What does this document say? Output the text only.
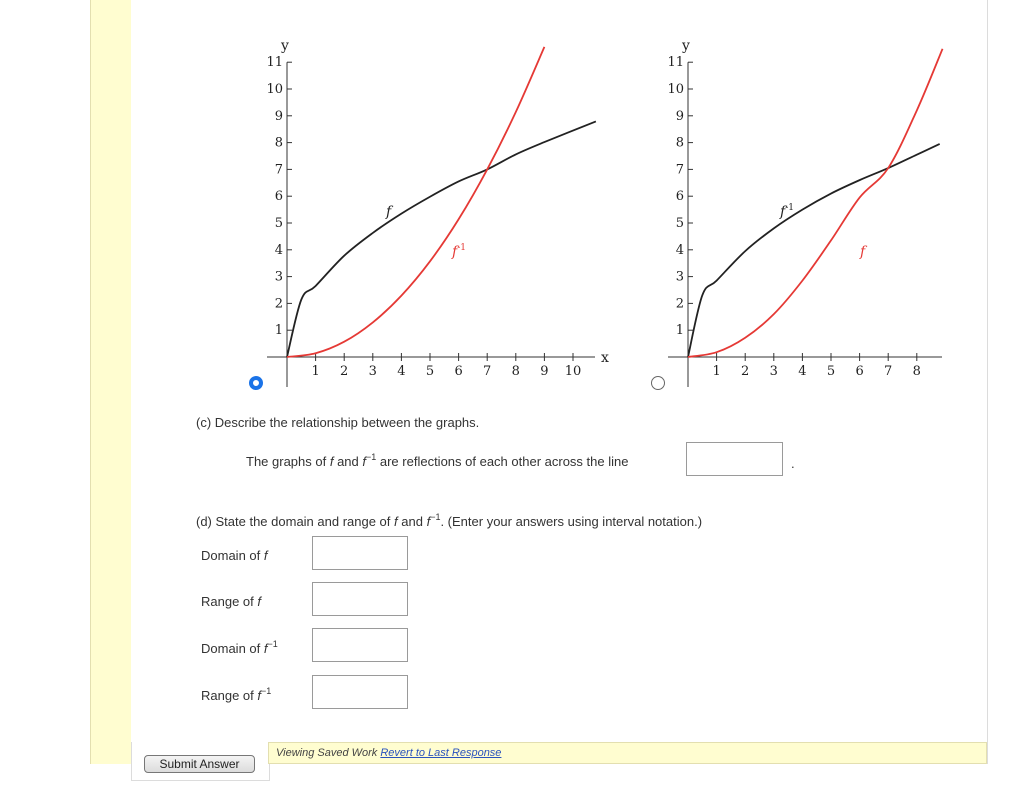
1 2 3 4 5 6 7 8 9 10
1
2
3
4
5
6
7
8
9
10
11
y
x
f
$f^{-1}$
1 2 3 4 5 6 7 8
1
2
3
4
5
6
7
8
9
10
11
y
$f^{-1}$
f
(c) Describe the relationship between the graphs.
The graphs of f and $f^{-1}$ are reflections of each other across the line	.
(d) State the domain and range of f and $f^{-1}$. (Enter your answers using interval notation.)
Domain of f
Range of f
Domain of $f^{-1}$
Range of $f^{-1}$
Submit Answer
Viewing Saved Work Revert to Last Response
